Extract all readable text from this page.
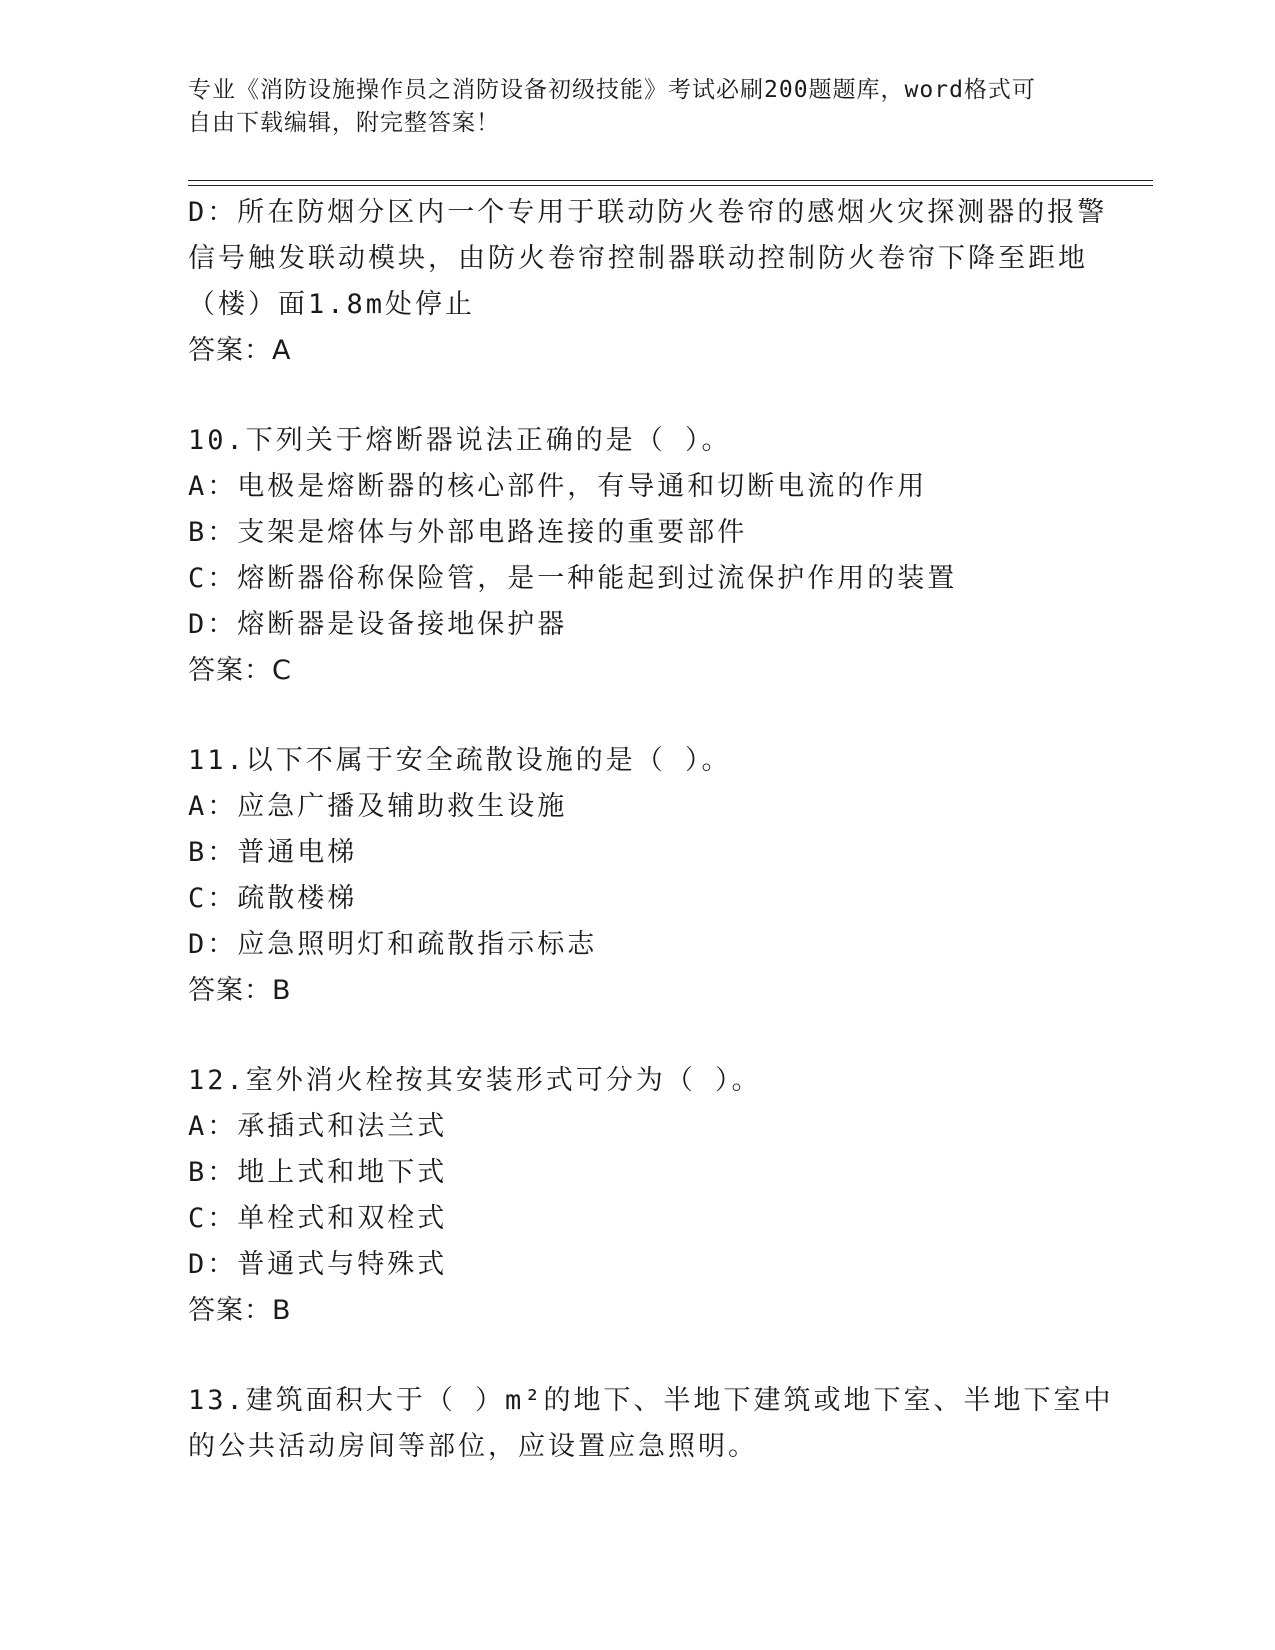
专业《消防设施操作员之消防设备初级技能》考试必刷200题题库，word格式可
自由下载编辑，附完整答案！
D：所在防烟分区内一个专用于联动防火卷帘的感烟火灾探测器的报警
信号触发联动模块，由防火卷帘控制器联动控制防火卷帘下降至距地
（楼）面1.8m处停止
答案：A
10.下列关于熔断器说法正确的是（ ）。
A：电极是熔断器的核心部件，有导通和切断电流的作用
B：支架是熔体与外部电路连接的重要部件
C：熔断器俗称保险管，是一种能起到过流保护作用的装置
D：熔断器是设备接地保护器
答案：C
11.以下不属于安全疏散设施的是（ ）。
A：应急广播及辅助救生设施
B：普通电梯
C：疏散楼梯
D：应急照明灯和疏散指示标志
答案：B
12.室外消火栓按其安装形式可分为（ ）。
A：承插式和法兰式
B：地上式和地下式
C：单栓式和双栓式
D：普通式与特殊式
答案：B
13.建筑面积大于（ ）m²的地下、半地下建筑或地下室、半地下室中
的公共活动房间等部位，应设置应急照明。
